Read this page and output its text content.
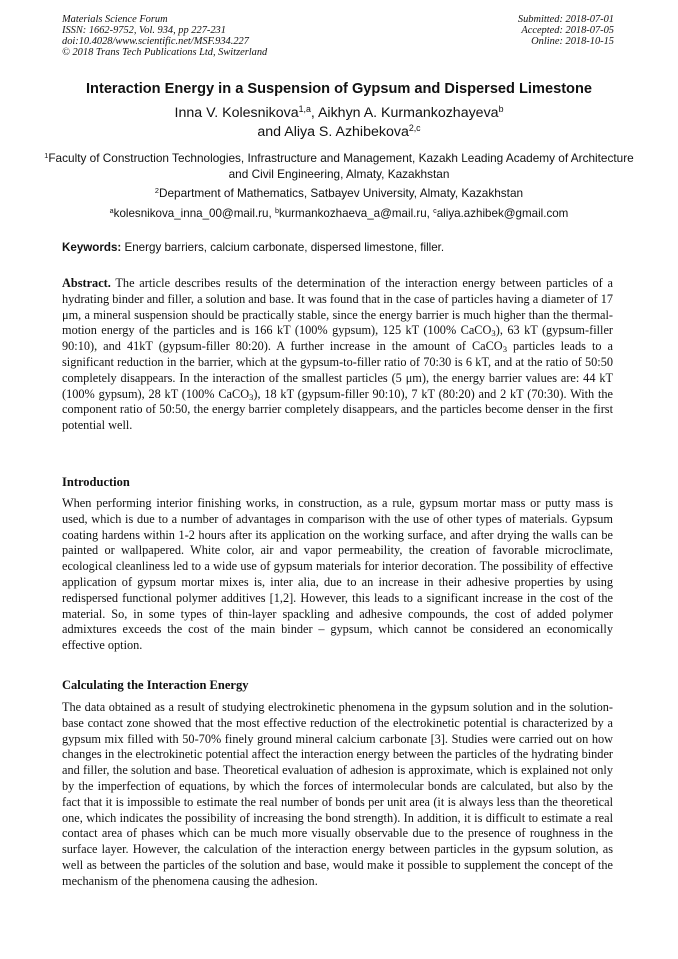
Materials Science Forum
ISSN: 1662-9752, Vol. 934, pp 227-231
doi:10.4028/www.scientific.net/MSF.934.227
© 2018 Trans Tech Publications Ltd, Switzerland
Submitted: 2018-07-01
Accepted: 2018-07-05
Online: 2018-10-15
Interaction Energy in a Suspension of Gypsum and Dispersed Limestone
Inna V. Kolesnikova$^{1,a}$, Aikhyn A. Kurmankozhayeva$^b$
and Aliya S. Azhibekova$^{2,c}$
$^1$Faculty of Construction Technologies, Infrastructure and Management, Kazakh Leading Academy of Architecture and Civil Engineering, Almaty, Kazakhstan
$^2$Department of Mathematics, Satbayev University, Almaty, Kazakhstan
$^a$kolesnikova_inna_00@mail.ru, $^b$kurmankozhaeva_a@mail.ru, $^c$aliya.azhibek@gmail.com
Keywords: Energy barriers, calcium carbonate, dispersed limestone, filler.
Abstract. The article describes results of the determination of the interaction energy between particles of a hydrating binder and filler, a solution and base. It was found that in the case of particles having a diameter of 17 μm, a mineral suspension should be practically stable, since the energy barrier is much higher than the thermal-motion energy of the particles and is 166 kT (100% gypsum), 125 kT (100% CaCO$_3$), 63 kT (gypsum-filler 90:10), and 41kT (gypsum-filler 80:20). A further increase in the amount of CaCO$_3$ particles leads to a significant reduction in the barrier, which at the gypsum-to-filler ratio of 70:30 is 6 kT, and at the ratio of 50:50 completely disappears. In the interaction of the smallest particles (5 μm), the energy barrier values are: 44 kT (100% gypsum), 28 kT (100% CaCO$_3$), 18 kT (gypsum-filler 90:10), 7 kT (80:20) and 2 kT (70:30). With the component ratio of 50:50, the energy barrier completely disappears, and the particles become denser in the first potential well.
Introduction
When performing interior finishing works, in construction, as a rule, gypsum mortar mass or putty mass is used, which is due to a number of advantages in comparison with the use of other types of materials. Gypsum coating hardens within 1-2 hours after its application on the working surface, and after drying the walls can be painted or wallpapered. White color, air and vapor permeability, the creation of favorable microclimate, ecological cleanliness led to a wide use of gypsum materials for interior decoration. The possibility of effective application of gypsum mortar mixes is, inter alia, due to an increase in their adhesive properties by using redispersed functional polymer additives [1,2]. However, this leads to a significant increase in the cost of the material. So, in some types of thin-layer spackling and adhesive compounds, the cost of added polymer admixtures exceeds the cost of the main binder – gypsum, which cannot be considered an economically effective option.
Calculating the Interaction Energy
The data obtained as a result of studying electrokinetic phenomena in the gypsum solution and in the solution-base contact zone showed that the most effective reduction of the electrokinetic potential is characterized by a gypsum mix filled with 50-70% finely ground mineral calcium carbonate [3]. Studies were carried out on how changes in the electrokinetic potential affect the interaction energy between the particles of the hydrating binder and filler, the solution and base. Theoretical evaluation of adhesion is approximate, which is explained not only by the imperfection of equations, by which the forces of intermolecular bonds are calculated, but also by the fact that it is impossible to estimate the real number of bonds per unit area (it is always less than the theoretical one, which indicates the possibility of increasing the bond strength). In addition, it is difficult to estimate a real contact area of phases which can be much more visually observable due to the presence of roughness in the surface layer. However, the calculation of the interaction energy between particles in the gypsum solution, as well as between the particles of the solution and base, would make it possible to supplement the concept of the mechanism of the phenomena causing the adhesion.
